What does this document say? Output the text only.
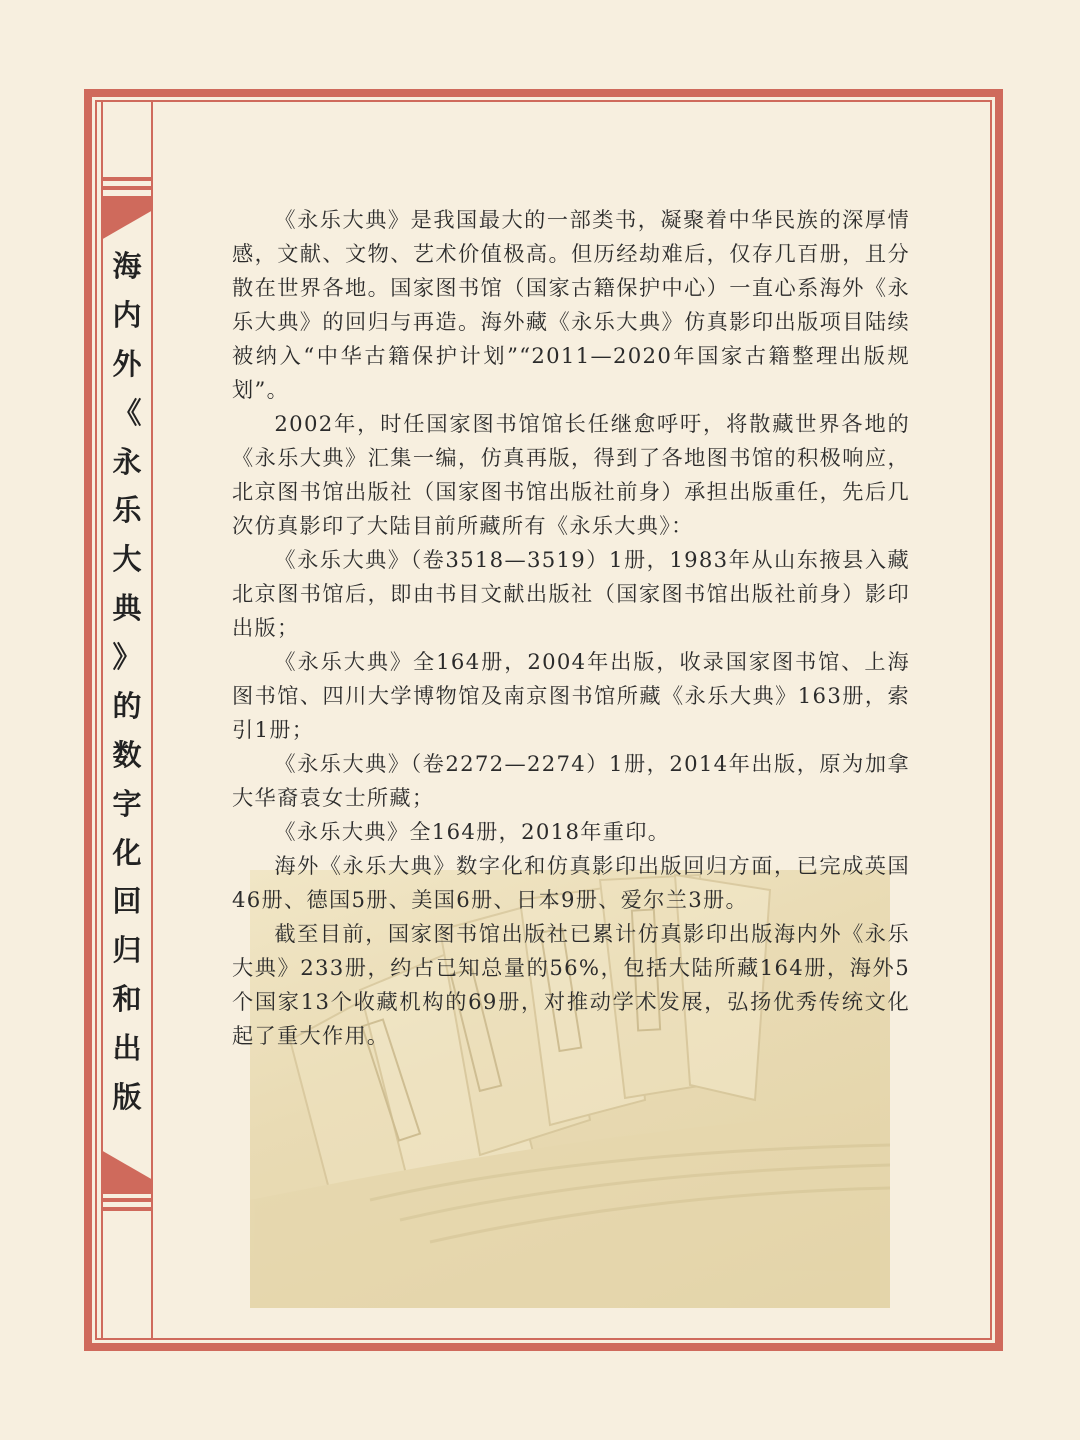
海
内
外
《
永
乐
大
典
》
的
数
字
化
回
归
和
出
版

《永乐大典》是我国最大的一部类书，凝聚着中华民族的深厚情感，文献、文物、艺术价值极高。但历经劫难后，仅存几百册，且分散在世界各地。国家图书馆（国家古籍保护中心）一直心系海外《永乐大典》的回归与再造。海外藏《永乐大典》仿真影印出版项目陆续被纳入“中华古籍保护计划”“2011—2020年国家古籍整理出版规划”。

2002年，时任国家图书馆馆长任继愈呼吁，将散藏世界各地的《永乐大典》汇集一编，仿真再版，得到了各地图书馆的积极响应，北京图书馆出版社（国家图书馆出版社前身）承担出版重任，先后几次仿真影印了大陆目前所藏所有《永乐大典》：

《永乐大典》（卷3518—3519）1册，1983年从山东掖县入藏北京图书馆后，即由书目文献出版社（国家图书馆出版社前身）影印出版；

《永乐大典》全164册，2004年出版，收录国家图书馆、上海图书馆、四川大学博物馆及南京图书馆所藏《永乐大典》163册，索引1册；

《永乐大典》（卷2272—2274）1册，2014年出版，原为加拿大华裔袁女士所藏；

《永乐大典》全164册，2018年重印。

海外《永乐大典》数字化和仿真影印出版回归方面，已完成英国46册、德国5册、美国6册、日本9册、爱尔兰3册。

截至目前，国家图书馆出版社已累计仿真影印出版海内外《永乐大典》233册，约占已知总量的56%，包括大陆所藏164册，海外5个国家13个收藏机构的69册，对推动学术发展，弘扬优秀传统文化起了重大作用。
